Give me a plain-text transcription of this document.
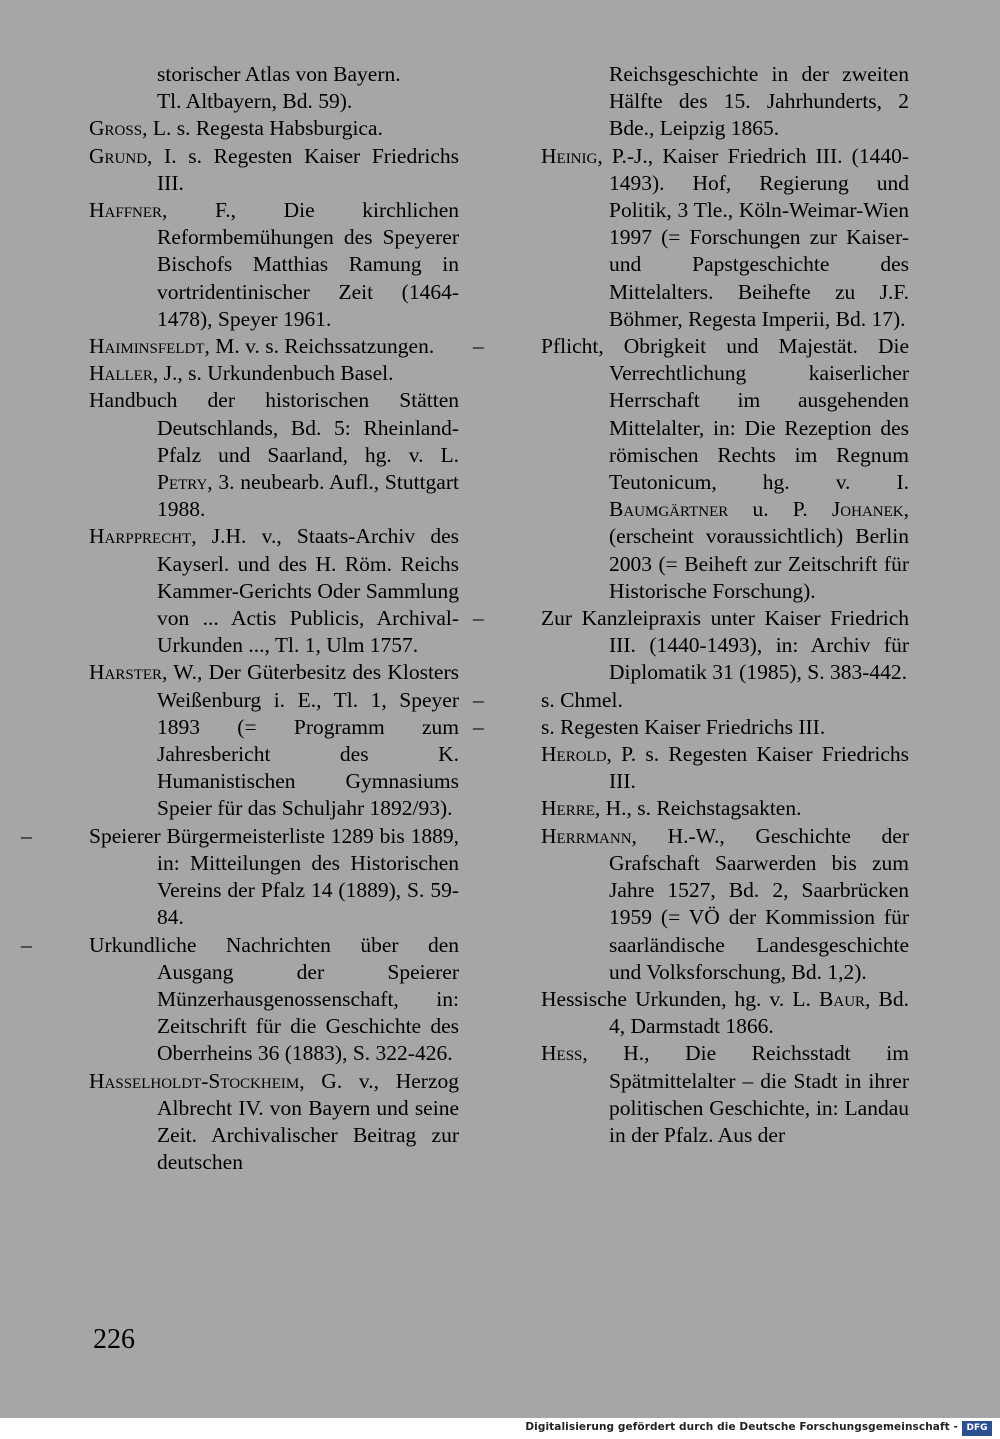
storischer Atlas von Bayern.
Tl. Altbayern, Bd. 59).
Gross, L. s. Regesta Habsburgica.
Grund, I. s. Regesten Kaiser Friedrichs III.
Haffner, F., Die kirchlichen Reformbemühungen des Speyerer Bischofs Matthias Ramung in vortridentinischer Zeit (1464-1478), Speyer 1961.
Haiminsfeldt, M. v. s. Reichssatzungen.
Haller, J., s. Urkundenbuch Basel.
Handbuch der historischen Stätten Deutschlands, Bd. 5: Rheinland-Pfalz und Saarland, hg. v. L. Petry, 3. neubearb. Aufl., Stuttgart 1988.
Harpprecht, J.H. v., Staats-Archiv des Kayserl. und des H. Röm. Reichs Kammer-Gerichts Oder Sammlung von ... Actis Publicis, Archival-Urkunden ..., Tl. 1, Ulm 1757.
Harster, W., Der Güterbesitz des Klosters Weißenburg i. E., Tl. 1, Speyer 1893 (= Programm zum Jahresbericht des K. Humanistischen Gymnasiums Speier für das Schuljahr 1892/93).
–	Speierer Bürgermeisterliste 1289 bis 1889, in: Mitteilungen des Historischen Vereins der Pfalz 14 (1889), S. 59-84.
–	Urkundliche Nachrichten über den Ausgang der Speierer Münzerhausgenossenschaft, in: Zeitschrift für die Geschichte des Oberrheins 36 (1883), S. 322-426.
Hasselholdt-Stockheim, G. v., Herzog Albrecht IV. von Bayern und seine Zeit. Archivalischer Beitrag zur deutschen
Reichsgeschichte in der zweiten Hälfte des 15. Jahrhunderts, 2 Bde., Leipzig 1865.
Heinig, P.-J., Kaiser Friedrich III. (1440-1493). Hof, Regierung und Politik, 3 Tle., Köln-Weimar-Wien 1997 (= Forschungen zur Kaiser- und Papstgeschichte des Mittelalters. Beihefte zu J.F. Böhmer, Regesta Imperii, Bd. 17).
–	Pflicht, Obrigkeit und Majestät. Die Verrechtlichung kaiserlicher Herrschaft im ausgehenden Mittelalter, in: Die Rezeption des römischen Rechts im Regnum Teutonicum, hg. v. I. Baumgärtner u. P. Johanek, (erscheint voraussichtlich) Berlin 2003 (= Beiheft zur Zeitschrift für Historische Forschung).
–	Zur Kanzleipraxis unter Kaiser Friedrich III. (1440-1493), in: Archiv für Diplomatik 31 (1985), S. 383-442.
–	s. Chmel.
–	s. Regesten Kaiser Friedrichs III.
Herold, P. s. Regesten Kaiser Friedrichs III.
Herre, H., s. Reichstagsakten.
Herrmann, H.-W., Geschichte der Grafschaft Saarwerden bis zum Jahre 1527, Bd. 2, Saarbrücken 1959 (= VÖ der Kommission für saarländische Landesgeschichte und Volksforschung, Bd. 1,2).
Hessische Urkunden, hg. v. L. Baur, Bd. 4, Darmstadt 1866.
Heß, H., Die Reichsstadt im Spätmittelalter – die Stadt in ihrer politischen Geschichte, in: Landau in der Pfalz. Aus der
226
Digitalisierung gefördert durch die Deutsche Forschungsgemeinschaft - DFG
